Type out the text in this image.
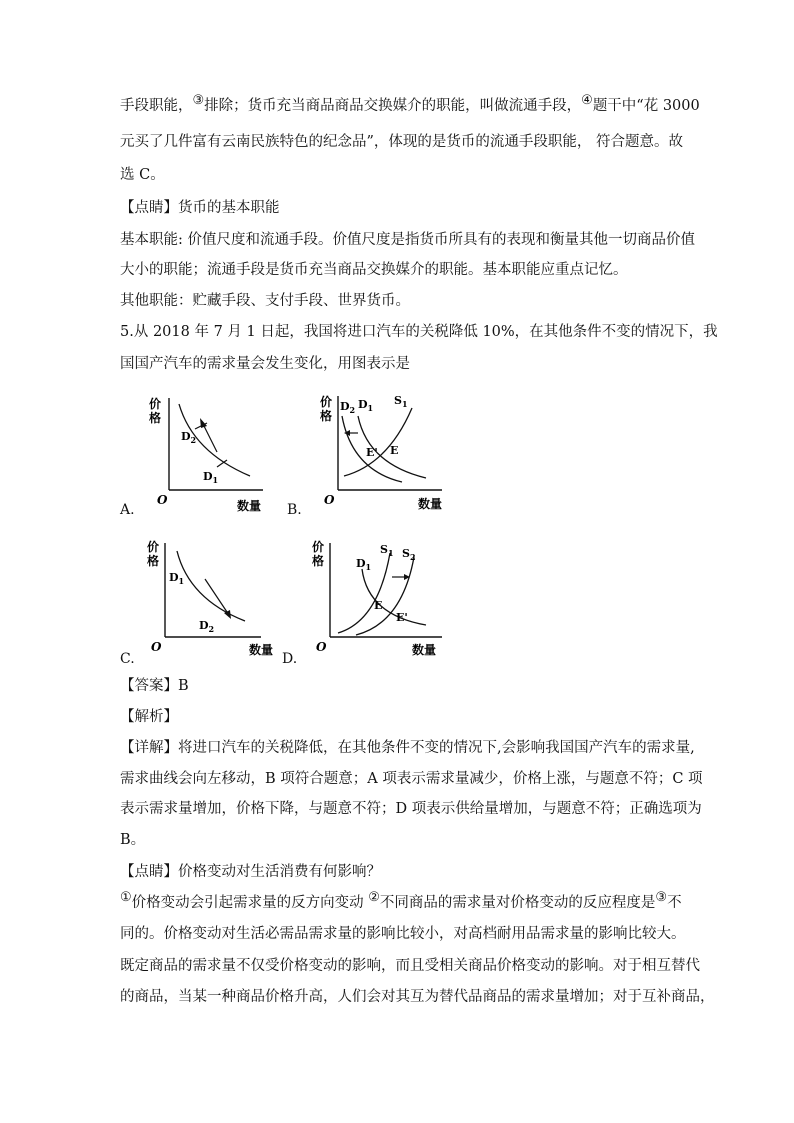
手段职能，③排除；货币充当商品商品交换媒介的职能，叫做流通手段，④题干中“花 3000
元买了几件富有云南民族特色的纪念品”，体现的是货币的流通手段职能， 符合题意。故
选 C。
【点睛】货币的基本职能
基本职能: 价值尺度和流通手段。价值尺度是指货币所具有的表现和衡量其他一切商品价值
大小的职能；流通手段是货币充当商品交换媒介的职能。基本职能应重点记忆。
其他职能：贮藏手段、支付手段、世界货币。
5.从 2018 年 7 月 1 日起，我国将进口汽车的关税降低 10%，在其他条件不变的情况下，我
国国产汽车的需求量会发生变化，用图表示是
价
格
O	数量
$D_2$
$D_1$
A.
价
格
O	数量
$D_2$ $D_1$
$S_1$
E' E
B.
价
格
O	数量
$D_1$
$D_2$
C.
价
格
O	数量
$D_1$
$S_1$ $S_2$
E
E'
D.
【答案】B
【解析】
【详解】将进口汽车的关税降低，在其他条件不变的情况下,会影响我国国产汽车的需求量,
需求曲线会向左移动，B 项符合题意；A 项表示需求量减少，价格上涨，与题意不符；C 项
表示需求量增加，价格下降，与题意不符；D 项表示供给量增加，与题意不符；正确选项为
B。
【点睛】价格变动对生活消费有何影响？
①价格变动会引起需求量的反方向变动 ②不同商品的需求量对价格变动的反应程度是③不
同的。价格变动对生活必需品需求量的影响比较小，对高档耐用品需求量的影响比较大。
既定商品的需求量不仅受价格变动的影响，而且受相关商品价格变动的影响。对于相互替代
的商品，当某一种商品价格升高，人们会对其互为替代品商品的需求量增加；对于互补商品，
